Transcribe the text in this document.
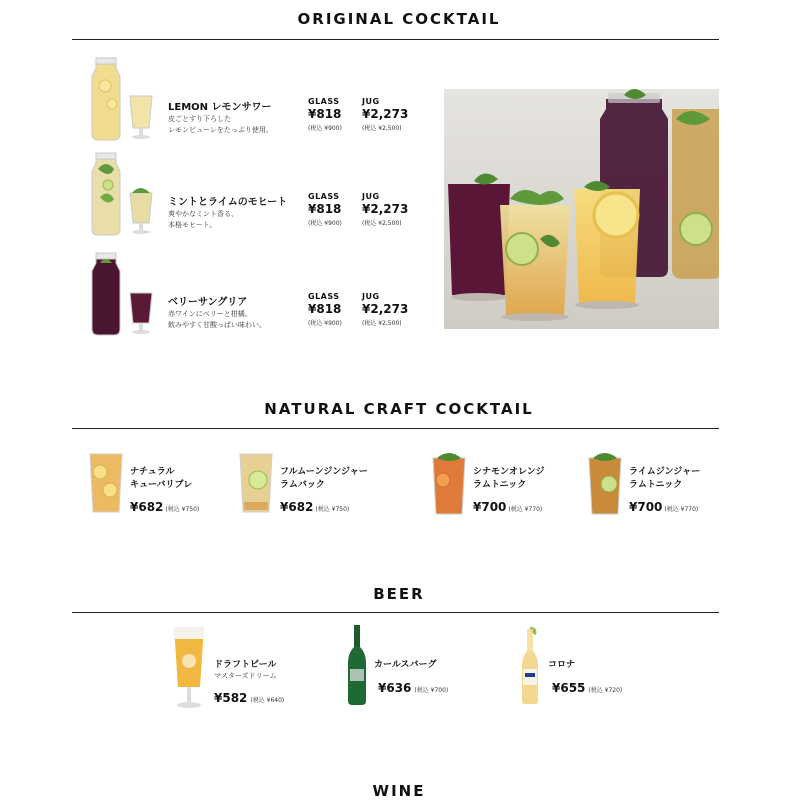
ORIGINAL COCKTAIL
LEMON レモンサワー
皮ごとすり下ろした
レモンピューレをたっぷり使用。
GLASS
¥818
(税込 ¥900)
JUG
¥2,273
(税込 ¥2,500)
ミントとライムのモヒート
爽やかなミント香る、
本格モヒート。
GLASS
¥818
(税込 ¥900)
JUG
¥2,273
(税込 ¥2,500)
ベリーサングリア
赤ワインにベリーと柑橘。
飲みやすく甘酸っぱい味わい。
GLASS
¥818
(税込 ¥900)
JUG
¥2,273
(税込 ¥2,500)
NATURAL CRAFT COCKTAIL
ナチュラル
キューバリブレ
¥682 (税込 ¥750)
フルムーンジンジャー
ラムバック
¥682 (税込 ¥750)
シナモンオレンジ
ラムトニック
¥700 (税込 ¥770)
ライムジンジャー
ラムトニック
¥700 (税込 ¥770)
BEER
ドラフトビール
マスターズドリーム
¥582 (税込 ¥640)
カールスバーグ
¥636 (税込 ¥700)
コロナ
¥655 (税込 ¥720)
WINE
